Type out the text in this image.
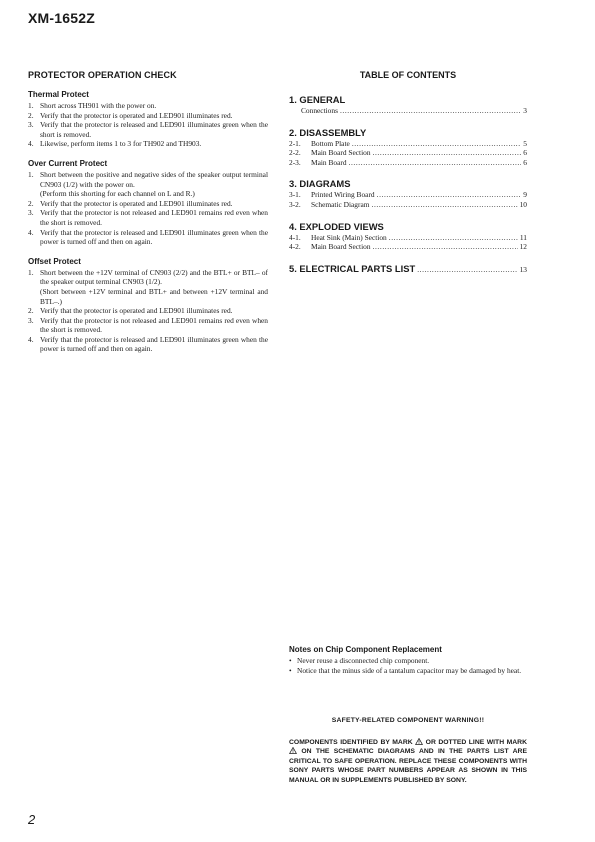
XM-1652Z
PROTECTOR OPERATION CHECK
Thermal Protect
1. Short across TH901 with the power on.
2. Verify that the protector is operated and LED901 illuminates red.
3. Verify that the protector is released and LED901 illuminates green when the short is removed.
4. Likewise, perform items 1 to 3 for TH902 and TH903.
Over Current Protect
1. Short between the positive and negative sides of the speaker output terminal CN903 (1/2) with the power on.
(Perform this shorting for each channel on L and R.)
2. Verify that the protector is operated and LED901 illuminates red.
3. Verify that the protector is not released and LED901 remains red even when the short is removed.
4. Verify that the protector is released and LED901 illuminates green when the power is turned off and then on again.
Offset Protect
1. Short between the +12V terminal of CN903 (2/2) and the BTL+ or BTL– of the speaker output terminal CN903 (1/2).
(Short between +12V terminal and BTL+ and between +12V terminal and BTL–.)
2. Verify that the protector is operated and LED901 illuminates red.
3. Verify that the protector is not released and LED901 remains red even when the short is removed.
4. Verify that the protector is released and LED901 illuminates green when the power is turned off and then on again.
TABLE OF CONTENTS
1. GENERAL
Connections .....	3
2. DISASSEMBLY
2-1.	Bottom Plate .....	5
2-2.	Main Board Section .....	6
2-3.	Main Board .....	6
3. DIAGRAMS
3-1.	Printed Wiring Board .....	9
3-2.	Schematic Diagram .....	10
4. EXPLODED VIEWS
4-1.	Heat Sink (Main) Section .....	11
4-2.	Main Board Section .....	12
5. ELECTRICAL PARTS LIST .....	13
Notes on Chip Component Replacement
• Never reuse a disconnected chip component.
• Notice that the minus side of a tantalum capacitor may be damaged by heat.
SAFETY-RELATED COMPONENT WARNING!!
COMPONENTS IDENTIFIED BY MARK OR DOTTED LINE WITH MARK  ON THE SCHEMATIC DIAGRAMS AND IN THE PARTS LIST ARE CRITICAL TO SAFE OPERATION. REPLACE THESE COMPONENTS WITH SONY PARTS WHOSE PART NUMBERS APPEAR AS SHOWN IN THIS MANUAL OR IN SUPPLEMENTS PUBLISHED BY SONY.
2
